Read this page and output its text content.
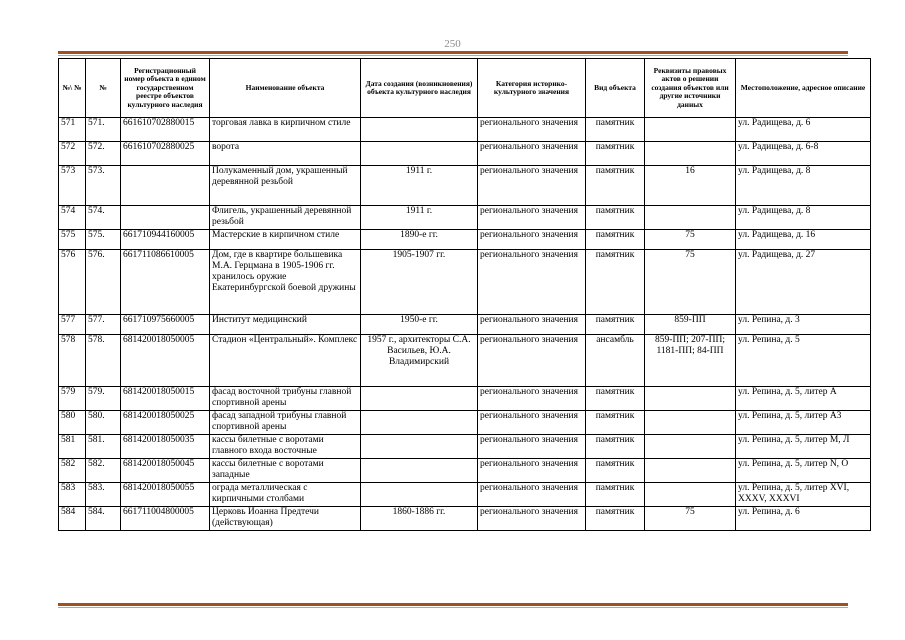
250
№\ №	№	Регистрационный номер объекта в едином государственном реестре объектов культурного наследия	Наименование объекта	Дата создания (возникновения) объекта культурного наследия	Категория историко-культурного значения	Вид объекта	Реквизиты правовых актов о решении создания объектов или другие источники данных	Местоположение, адресное описание
571	571.	661610702880015	торговая лавка в кирпичном стиле		регионального значения	памятник		ул. Радищева, д. 6
572	572.	661610702880025	ворота		регионального значения	памятник		ул. Радищева, д. 6-8
573	573.		Полукаменный дом, украшенный деревянной резьбой	1911 г.	регионального значения	памятник	16	ул. Радищева, д. 8
574	574.		Флигель, украшенный деревянной резьбой	1911 г.	регионального значения	памятник		ул. Радищева, д. 8
575	575.	661710944160005	Мастерские в кирпичном стиле	1890-е гг.	регионального значения	памятник	75	ул. Радищева, д. 16
576	576.	661711086610005	Дом, где в квартире большевика М.А. Герцмана в 1905-1906 гг. хранилось оружие Екатеринбургской боевой дружины	1905-1907 гг.	регионального значения	памятник	75	ул. Радищева, д. 27
577	577.	661710975660005	Институт медицинский	1950-е гг.	регионального значения	памятник	859-ПП	ул. Репина, д. 3
578	578.	681420018050005	Стадион «Центральный». Комплекс	1957 г., архитекторы С.А. Васильев, Ю.А. Владимирский	регионального значения	ансамбль	859-ПП; 207-ПП; 1181-ПП; 84-ПП	ул. Репина, д. 5
579	579.	681420018050015	фасад восточной трибуны главной спортивной арены		регионального значения	памятник		ул. Репина, д. 5, литер А
580	580.	681420018050025	фасад западной трибуны главной спортивной арены		регионального значения	памятник		ул. Репина, д. 5, литер А3
581	581.	681420018050035	кассы билетные с воротами главного входа восточные		регионального значения	памятник		ул. Репина, д. 5, литер М, Л
582	582.	681420018050045	кассы билетные с воротами западные		регионального значения	памятник		ул. Репина, д. 5, литер N, O
583	583.	681420018050055	ограда металлическая с кирпичными столбами		регионального значения	памятник		ул. Репина, д. 5, литер XVI, XXXV, XXXVI
584	584.	661711004800005	Церковь Иоанна Предтечи (действующая)	1860-1886 гг.	регионального значения	памятник	75	ул. Репина, д. 6
